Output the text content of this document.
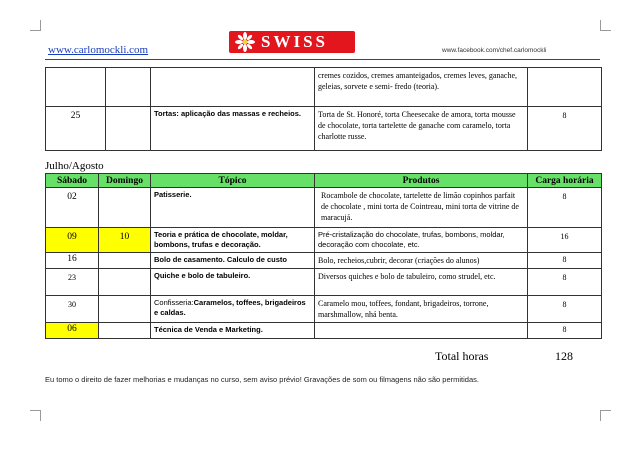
www.carlomockli.com	SWISS	www.facebook.com/chef.carlomockli
			cremes cozidos, cremes amanteigados, cremes leves, ganache, geleias, sorvete e semi- fredo (teoria).	
25		Tortas: aplicação das massas e recheios.	Torta de St. Honoré, torta Cheesecake de amora, torta mousse de chocolate, torta tartelette de ganache com caramelo, torta charlotte russe.	8
Julho/Agosto
Sábado	Domingo	Tópico	Produtos	Carga horária
02		Patisserie.	Rocambole de chocolate, tartelette de limão copinhos parfait de chocolate , mini torta de Cointreau, mini torta de vitrine de maracujá.	8
09	10	Teoria e prática de chocolate, moldar, bombons, trufas e decoração.	Pré-cristalização do chocolate, trufas, bombons, moldar, decoração com chocolate, etc.	16
16		Bolo de casamento. Calculo de custo	Bolo, recheios,cubrir, decorar (criações do alunos)	8
23		Quiche e bolo de tabuleiro.	Diversos quiches e bolo de tabuleiro, como strudel, etc.	8
30		Confisseria:Caramelos, toffees, brigadeiros e caldas.	Caramelo mou, toffees, fondant, brigadeiros, torrone, marshmallow, nhá benta.	8
06		Técnica de Venda e Marketing.		8
Total horas	128
Eu tomo o direito de fazer melhorias e mudanças no curso, sem aviso prévio! Gravações de som ou filmagens não são permitidas.
